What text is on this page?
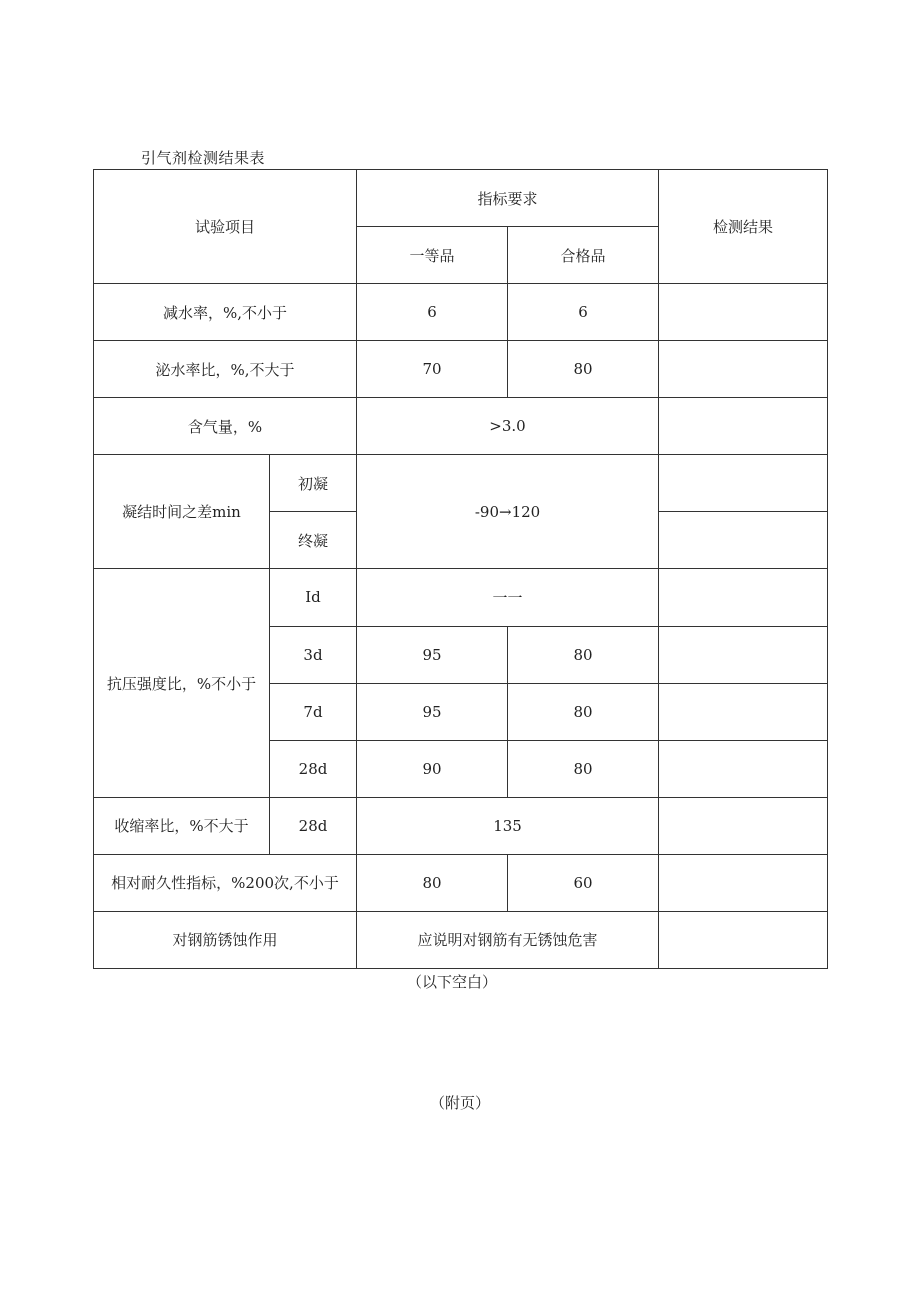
引气剂检测结果表
试验项目		指标要求		检测结果
		一等品	合格品	
减水率，%,不小于		6	6	
泌水率比，%,不大于		70	80	
含气量，%		>3.0		
凝结时间之差min	初凝	-90→120		
	终凝			
抗压强度比，%不小于	Id	一一		
	3d	95	80	
	7d	95	80	
	28d	90	80	
收缩率比，%不大于	28d	135		
相对耐久性指标，%200次,不小于		80	60	
对钢筋锈蚀作用		应说明对钢筋有无锈蚀危害		
（以下空白）
（附页）
